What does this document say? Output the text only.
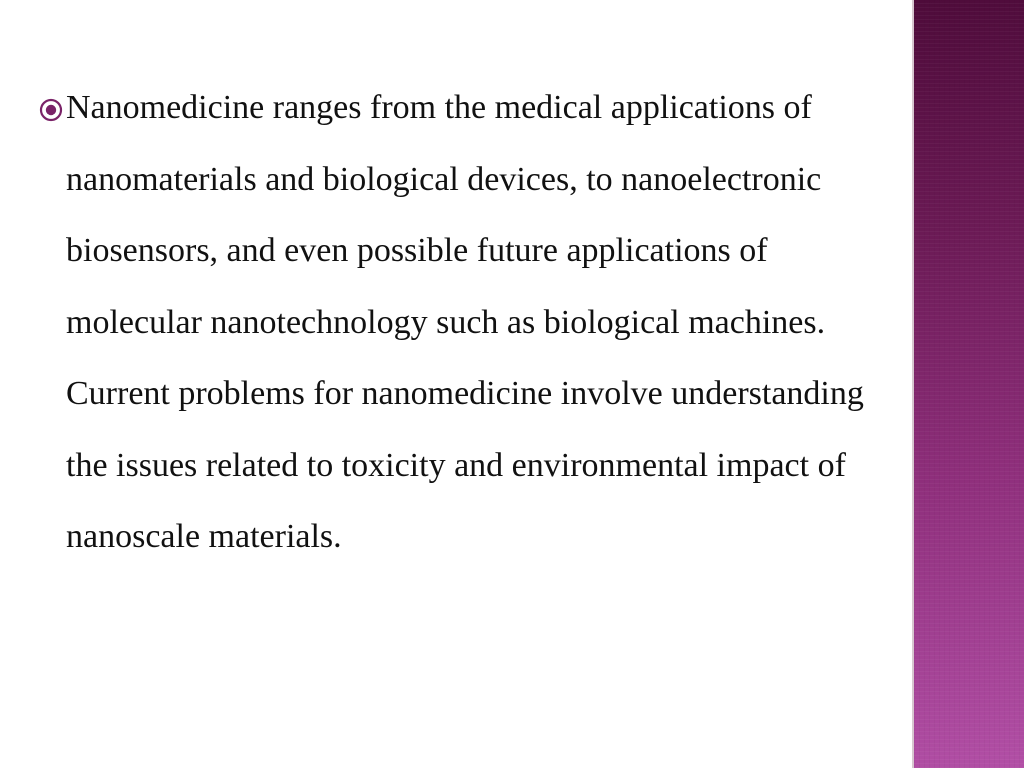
Nanomedicine ranges from the medical applications of nanomaterials and biological devices, to nanoelectronic biosensors, and even possible future applications of molecular nanotechnology such as biological machines. Current problems for nanomedicine involve understanding the issues related to toxicity and environmental impact of nanoscale materials.
